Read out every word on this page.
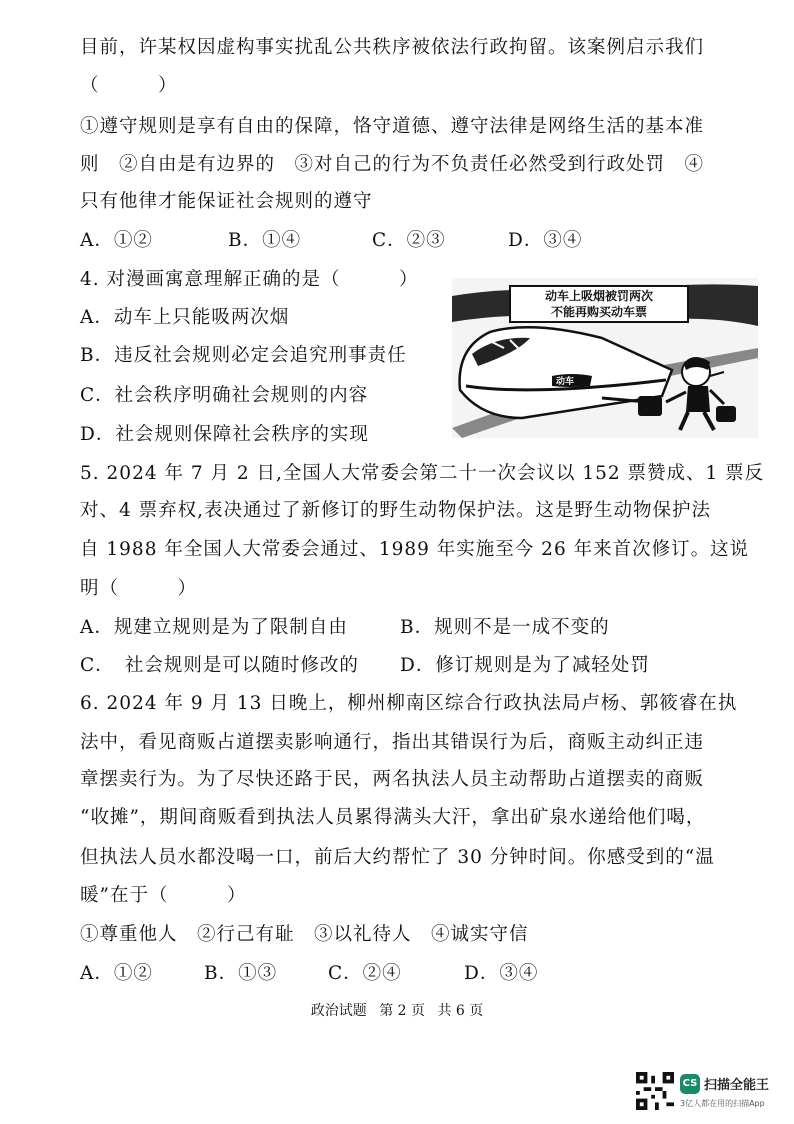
目前，许某权因虚构事实扰乱公共秩序被依法行政拘留。该案例启示我们
（　　　）
①遵守规则是享有自由的保障，恪守道德、遵守法律是网络生活的基本准
则　②自由是有边界的　③对自己的行为不负责任必然受到行政处罚　④
只有他律才能保证社会规则的遵守
A．①②	B．①④	C．②③	D．③④
4. 对漫画寓意理解正确的是（　　　）
A．动车上只能吸两次烟
B．违反社会规则必定会追究刑事责任
C．社会秩序明确社会规则的内容
D．社会规则保障社会秩序的实现
动车上吸烟被罚两次
不能再购买动车票
动车
5. 2024 年 7 月 2 日,全国人大常委会第二十一次会议以 152 票赞成、1 票反
对、4 票弃权,表决通过了新修订的野生动物保护法。这是野生动物保护法
自 1988 年全国人大常委会通过、1989 年实施至今 26 年来首次修订。这说
明（　　　）
A．规建立规则是为了限制自由	B．规则不是一成不变的
C．　社会规则是可以随时修改的 D．修订规则是为了减轻处罚
6. 2024 年 9 月 13 日晚上，柳州柳南区综合行政执法局卢杨、郭筱睿在执
法中，看见商贩占道摆卖影响通行，指出其错误行为后，商贩主动纠正违
章摆卖行为。为了尽快还路于民，两名执法人员主动帮助占道摆卖的商贩
“收摊”，期间商贩看到执法人员累得满头大汗，拿出矿泉水递给他们喝，
但执法人员水都没喝一口，前后大约帮忙了 30 分钟时间。你感受到的“温
暖”在于（　　　）
①尊重他人　②行己有耻　③以礼待人　④诚实守信
A．①②	B．①③	C．②④	D．③④
政治试题 第 2 页 共 6 页
CS 扫描全能王
3亿人都在用的扫描App
